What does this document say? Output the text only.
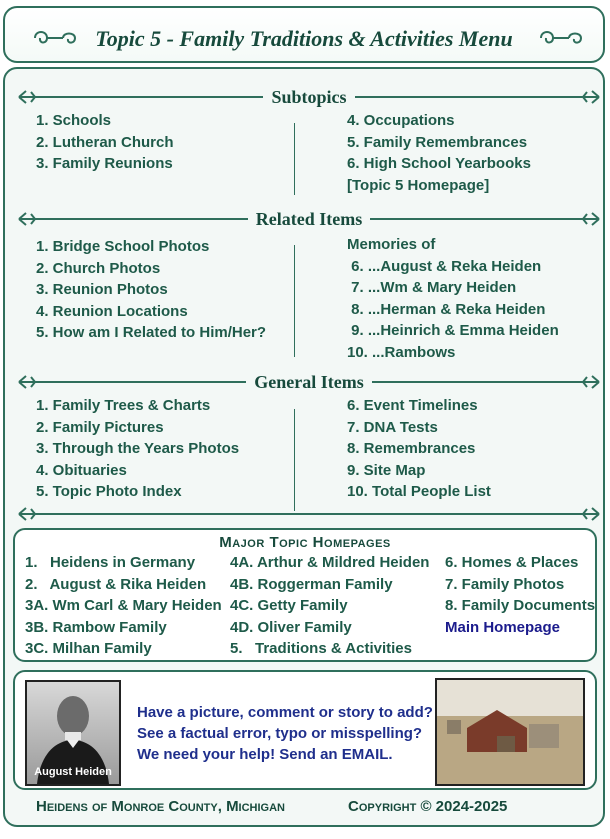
Topic 5 - Family Traditions & Activities Menu
Subtopics
1. Schools
2. Lutheran Church
3. Family Reunions
4. Occupations
5. Family Remembrances
6. High School Yearbooks
[Topic 5 Homepage]
Related Items
1. Bridge School Photos
2. Church Photos
3. Reunion Photos
4. Reunion Locations
5. How am I Related to Him/Her?
Memories of
6. ...August & Reka Heiden
7. ...Wm & Mary Heiden
8. ...Herman & Reka Heiden
9. ...Heinrich & Emma Heiden
10. ...Rambows
General Items
1. Family Trees & Charts
2. Family Pictures
3. Through the Years Photos
4. Obituaries
5. Topic Photo Index
6. Event Timelines
7. DNA Tests
8. Remembrances
9. Site Map
10. Total People List
Major Topic Homepages
1.   Heidens in Germany
2.   August & Rika Heiden
3A. Wm Carl & Mary Heiden
3B. Rambow Family
3C. Milhan Family
4A. Arthur & Mildred Heiden
4B. Roggerman Family
4C. Getty Family
4D. Oliver Family
5.   Traditions & Activities
6. Homes & Places
7. Family Photos
8. Family Documents
Main Homepage
August Heiden
Have a picture, comment or story to add?
See a factual error, typo or misspelling?
We need your help! Send an EMAIL.
Heidens of Monroe County, Michigan	Copyright © 2024-2025
